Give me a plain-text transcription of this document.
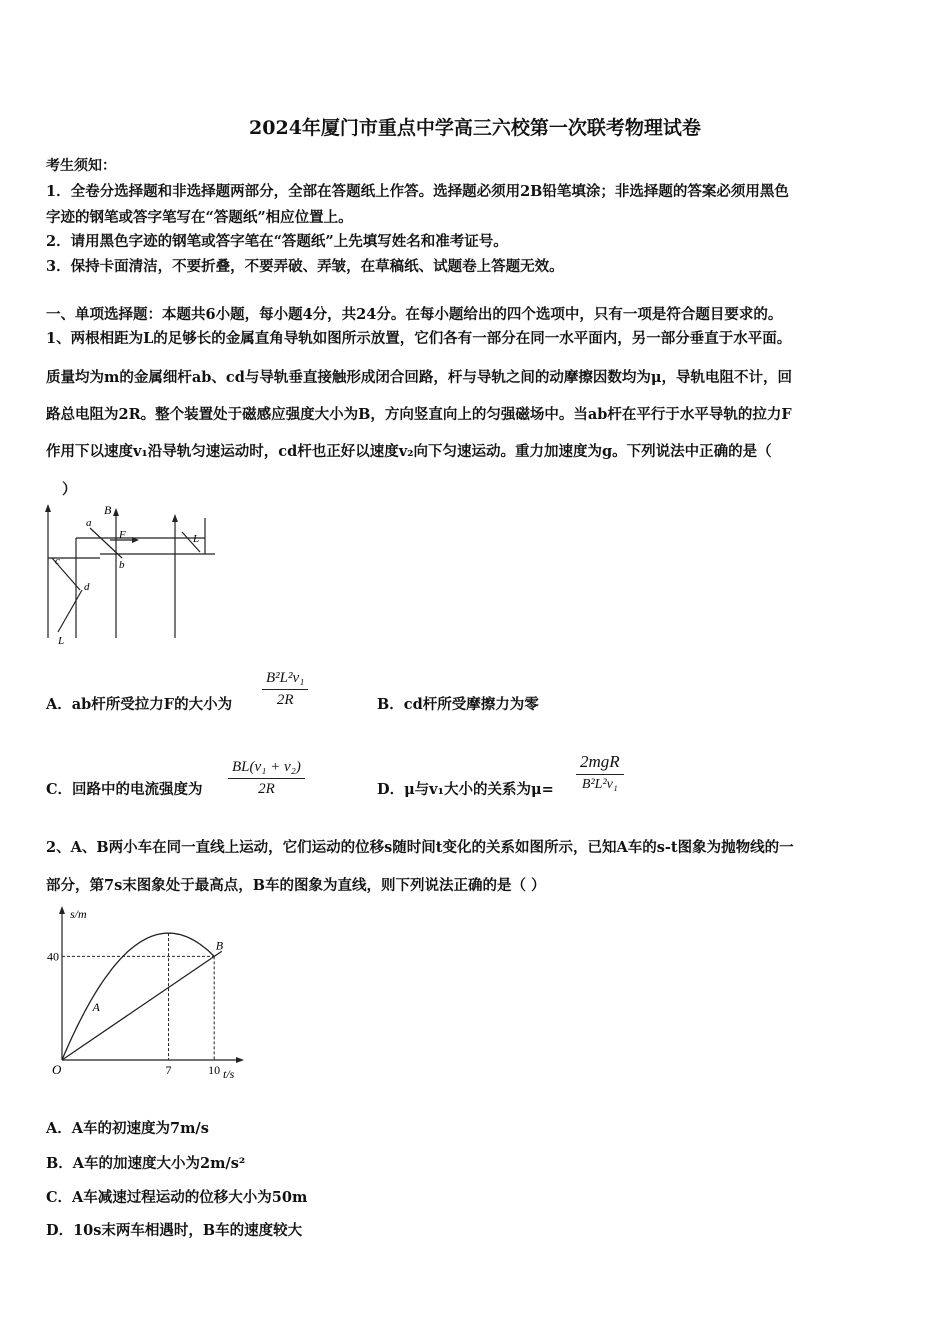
2024年厦门市重点中学高三六校第一次联考物理试卷
考生须知：
1．全卷分选择题和非选择题两部分，全部在答题纸上作答。选择题必须用2B铅笔填涂；非选择题的答案必须用黑色
字迹的钢笔或答字笔写在“答题纸”相应位置上。
2．请用黑色字迹的钢笔或答字笔在“答题纸”上先填写姓名和准考证号。
3．保持卡面清洁，不要折叠，不要弄破、弄皱，在草稿纸、试题卷上答题无效。
一、单项选择题：本题共6小题，每小题4分，共24分。在每小题给出的四个选项中，只有一项是符合题目要求的。
1、两根相距为L的足够长的金属直角导轨如图所示放置，它们各有一部分在同一水平面内，另一部分垂直于水平面。
质量均为m的金属细杆ab、cd与导轨垂直接触形成闭合回路，杆与导轨之间的动摩擦因数均为μ，导轨电阻不计，回
路总电阻为2R。整个装置处于磁感应强度大小为B，方向竖直向上的匀强磁场中。当ab杆在平行于水平导轨的拉力F
作用下以速度v₁沿导轨匀速运动时，cd杆也正好以速度v₂向下匀速运动。重力加速度为g。下列说法中正确的是（
）
B
a
F
b
c
d
L
L
A．ab杆所受拉力F的大小为 $\frac{\text{B²L²v₁}}{2R}$	B．cd杆所受摩擦力为零
C．回路中的电流强度为 $\frac{\text{BL(v₁ + v₂)}}{2R}$	D．μ与v₁大小的关系为μ=
2mgR
B²L²v₁
2、A、B两小车在同一直线上运动，它们运动的位移s随时间t变化的关系如图所示，已知A车的s-t图象为抛物线的一
部分，第7s末图象处于最高点，B车的图象为直线，则下列说法正确的是（ ）
s/m
t/s
O	7	10
40
A
B
A．A车的初速度为7m/s
B．A车的加速度大小为2m/s²
C．A车减速过程运动的位移大小为50m
D．10s末两车相遇时，B车的速度较大
